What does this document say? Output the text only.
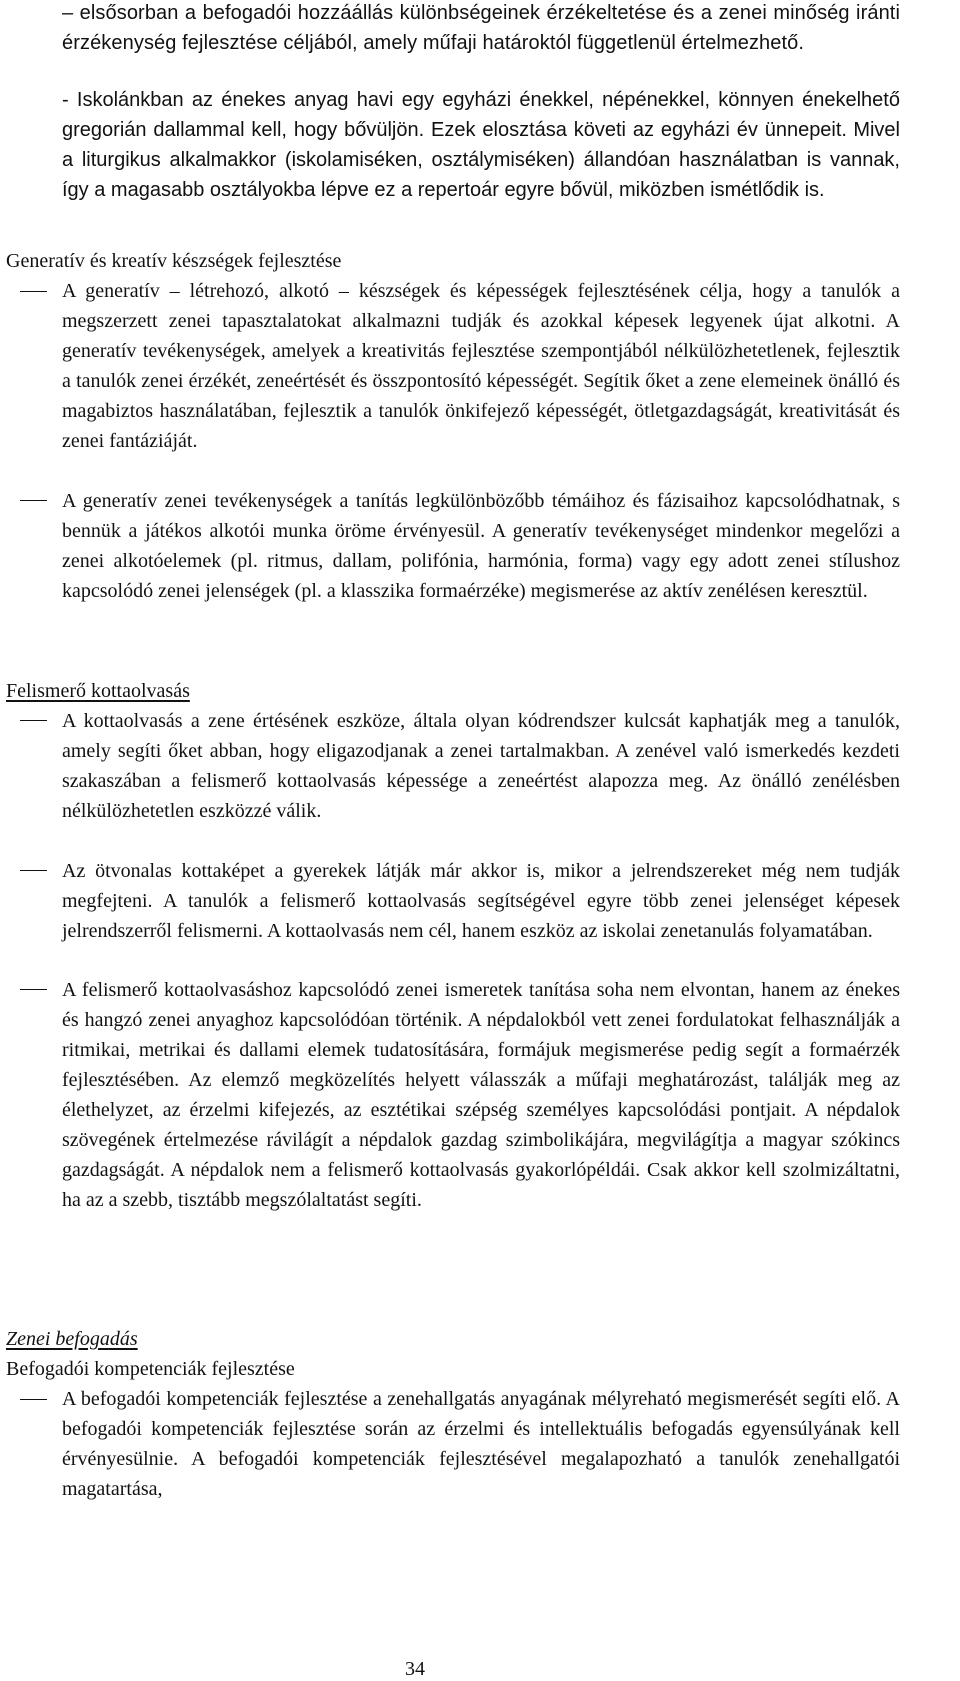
– elsősorban a befogadói hozzáállás különbségeinek érzékeltetése és a zenei minőség iránti érzékenység fejlesztése céljából, amely műfaji határoktól függetlenül értelmezhető.

- Iskolánkban az énekes anyag havi egy egyházi énekkel, népénekkel, könnyen énekelhető gregorián dallammal kell, hogy bővüljön. Ezek elosztása követi az egyházi év ünnepeit. Mivel a liturgikus alkalmakkor (iskolamiséken, osztálymiséken) állandóan használatban is vannak, így a magasabb osztályokba lépve ez a repertoár egyre bővül, miközben ismétlődik is.

Generatív és kreatív készségek fejlesztése

A generatív – létrehozó, alkotó – készségek és képességek fejlesztésének célja, hogy a tanulók a megszerzett zenei tapasztalatokat alkalmazni tudják és azokkal képesek legyenek újat alkotni. A generatív tevékenységek, amelyek a kreativitás fejlesztése szempontjából nélkülözhetetlenek, fejlesztik a tanulók zenei érzékét, zeneértését és összpontosító képességét. Segítik őket a zene elemeinek önálló és magabiztos használatában, fejlesztik a tanulók önkifejező képességét, ötletgazdagságát, kreativitását és zenei fantáziáját.

A generatív zenei tevékenységek a tanítás legkülönbözőbb témáihoz és fázisaihoz kapcsolódhatnak, s bennük a játékos alkotói munka öröme érvényesül. A generatív tevékenységet mindenkor megelőzi a zenei alkotóelemek (pl. ritmus, dallam, polifónia, harmónia, forma) vagy egy adott zenei stílushoz kapcsolódó zenei jelenségek (pl. a klasszika formaérzéke) megismerése az aktív zenélésen keresztül.

Felismerő kottaolvasás

A kottaolvasás a zene értésének eszköze, általa olyan kódrendszer kulcsát kaphatják meg a tanulók, amely segíti őket abban, hogy eligazodjanak a zenei tartalmakban. A zenével való ismerkedés kezdeti szakaszában a felismerő kottaolvasás képessége a zeneértést alapozza meg. Az önálló zenélésben nélkülözhetetlen eszközzé válik.

Az ötvonalas kottaképet a gyerekek látják már akkor is, mikor a jelrendszereket még nem tudják megfejteni. A tanulók a felismerő kottaolvasás segítségével egyre több zenei jelenséget képesek jelrendszerről felismerni. A kottaolvasás nem cél, hanem eszköz az iskolai zenetanulás folyamatában.

A felismerő kottaolvasáshoz kapcsolódó zenei ismeretek tanítása soha nem elvontan, hanem az énekes és hangzó zenei anyaghoz kapcsolódóan történik. A népdalokból vett zenei fordulatokat felhasználják a ritmikai, metrikai és dallami elemek tudatosítására, formájuk megismerése pedig segít a formaérzék fejlesztésében. Az elemző megközelítés helyett válasszák a műfaji meghatározást, találják meg az élethelyzet, az érzelmi kifejezés, az esztétikai szépség személyes kapcsolódási pontjait. A népdalok szövegének értelmezése rávilágít a népdalok gazdag szimbolikájára, megvilágítja a magyar szókincs gazdagságát. A népdalok nem a felismerő kottaolvasás gyakorlópéldái. Csak akkor kell szolmizáltatni, ha az a szebb, tisztább megszólaltatást segíti.

Zenei befogadás
Befogadói kompetenciák fejlesztése

A befogadói kompetenciák fejlesztése a zenehallgatás anyagának mélyreható megismerését segíti elő. A befogadói kompetenciák fejlesztése során az érzelmi és intellektuális befogadás egyensúlyának kell érvényesülnie. A befogadói kompetenciák fejlesztésével megalapozható a tanulók zenehallgatói magatartása,

34
